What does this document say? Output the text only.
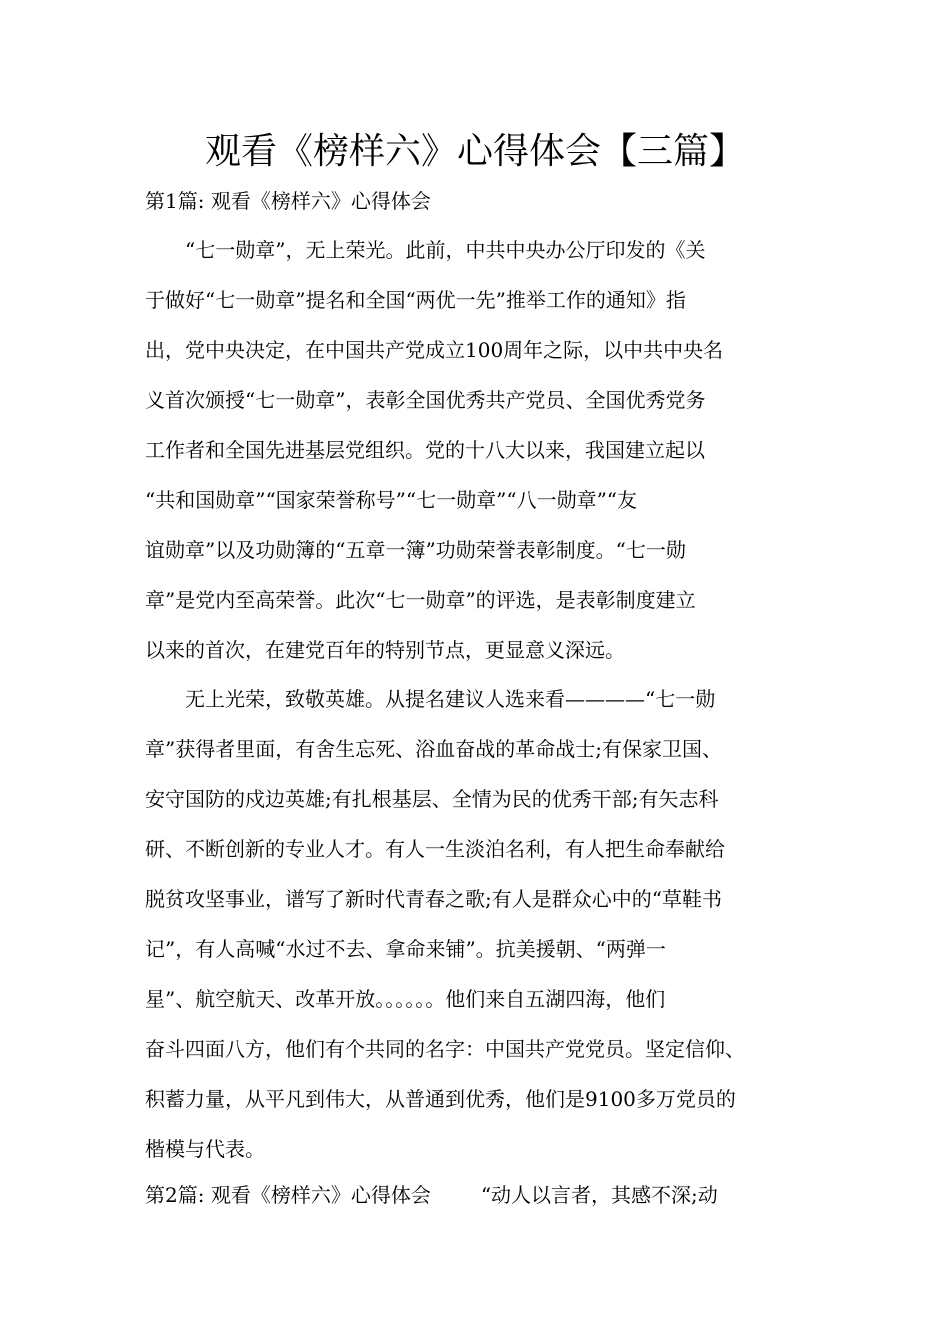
观看《榜样六》心得体会【三篇】
第1篇: 观看《榜样六》心得体会
“七一勋章”，无上荣光。此前，中共中央办公厅印发的《关
于做好“七一勋章”提名和全国“两优一先”推举工作的通知》指
出，党中央决定，在中国共产党成立100周年之际，以中共中央名
义首次颁授“七一勋章”，表彰全国优秀共产党员、全国优秀党务
工作者和全国先进基层党组织。党的十八大以来，我国建立起以
“共和国勋章”“国家荣誉称号”“七一勋章”“八一勋章”“友
谊勋章”以及功勋簿的“五章一簿”功勋荣誉表彰制度。“七一勋
章”是党内至高荣誉。此次“七一勋章”的评选，是表彰制度建立
以来的首次，在建党百年的特别节点，更显意义深远。
无上光荣，致敬英雄。从提名建议人选来看————“七一勋
章”获得者里面，有舍生忘死、浴血奋战的革命战士;有保家卫国、
安守国防的戍边英雄;有扎根基层、全情为民的优秀干部;有矢志科
研、不断创新的专业人才。有人一生淡泊名利，有人把生命奉献给
脱贫攻坚事业，谱写了新时代青春之歌;有人是群众心中的“草鞋书
记”，有人高喊“水过不去、拿命来铺”。抗美援朝、“两弹一
星”、航空航天、改革开放。。。。。。他们来自五湖四海，他们
奋斗四面八方，他们有个共同的名字：中国共产党党员。坚定信仰、
积蓄力量，从平凡到伟大，从普通到优秀，他们是9100多万党员的
楷模与代表。
第2篇: 观看《榜样六》心得体会	“动人以言者，其感不深;动
